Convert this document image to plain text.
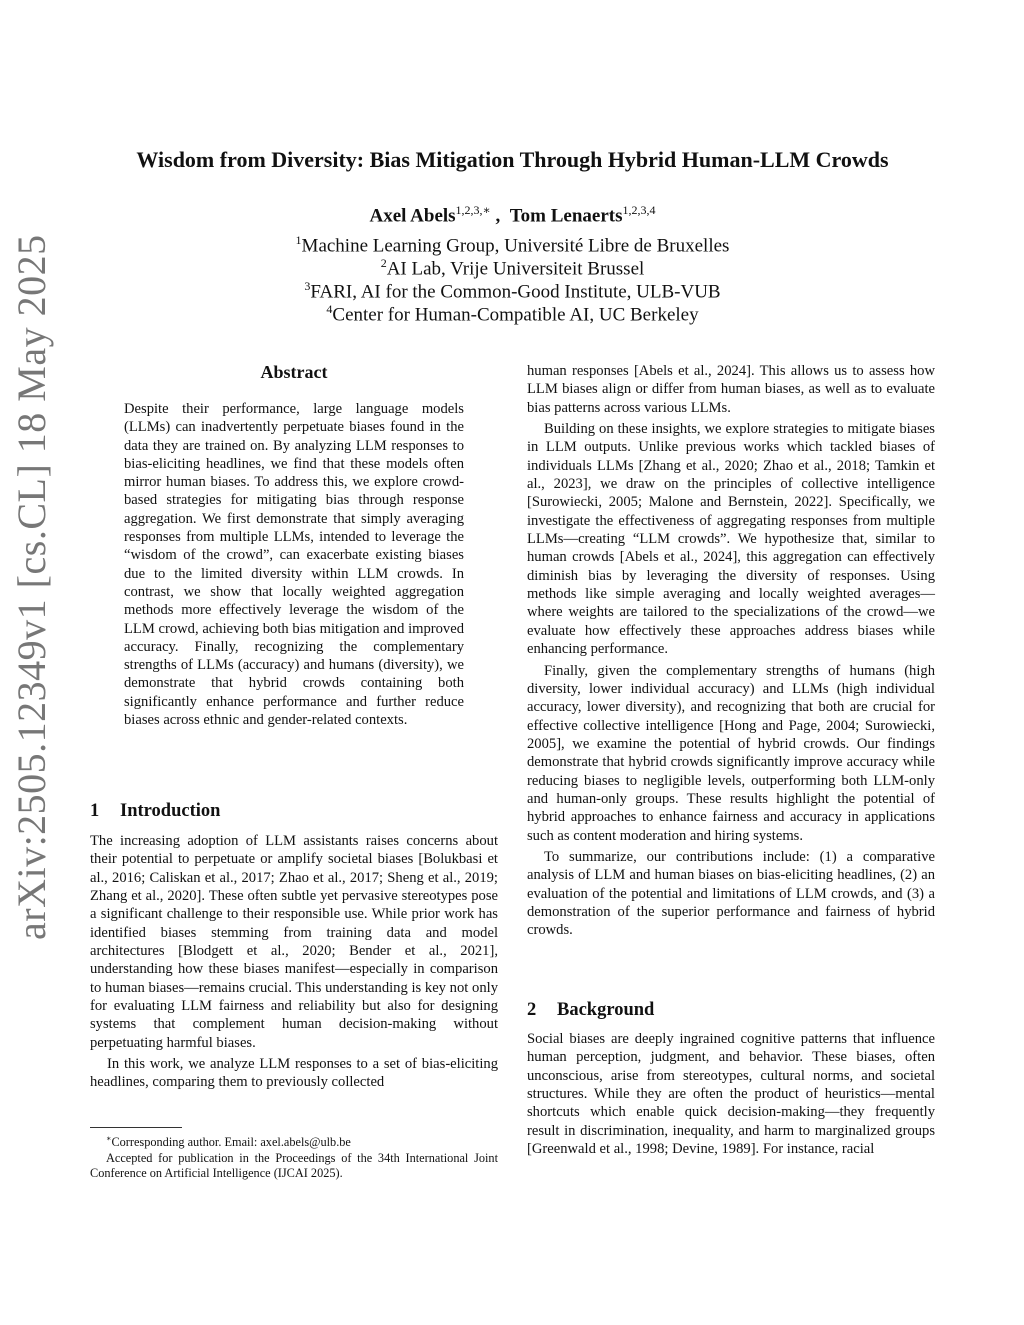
arXiv:2505.12349v1 [cs.CL] 18 May 2025
Wisdom from Diversity: Bias Mitigation Through Hybrid Human-LLM Crowds
Axel Abels$^{1,2,3,∗}$ , Tom Lenaerts$^{1,2,3,4}$
$^1$Machine Learning Group, Université Libre de Bruxelles
$^2$AI Lab, Vrije Universiteit Brussel
$^3$FARI, AI for the Common-Good Institute, ULB-VUB
$^4$Center for Human-Compatible AI, UC Berkeley
Abstract
Despite their performance, large language models (LLMs) can inadvertently perpetuate biases found in the data they are trained on. By analyzing LLM responses to bias-eliciting headlines, we find that these models often mirror human biases. To address this, we explore crowd-based strategies for mitigating bias through response aggregation. We first demonstrate that simply averaging responses from multiple LLMs, intended to leverage the “wisdom of the crowd”, can exacerbate existing biases due to the limited diversity within LLM crowds. In contrast, we show that locally weighted aggregation methods more effectively leverage the wisdom of the LLM crowd, achieving both bias mitigation and improved accuracy. Finally, recognizing the complementary strengths of LLMs (accuracy) and humans (diversity), we demonstrate that hybrid crowds containing both significantly enhance performance and further reduce biases across ethnic and gender-related contexts.
1 Introduction

The increasing adoption of LLM assistants raises concerns about their potential to perpetuate or amplify societal biases [Bolukbasi et al., 2016; Caliskan et al., 2017; Zhao et al., 2017; Sheng et al., 2019; Zhang et al., 2020]. These often subtle yet pervasive stereotypes pose a significant challenge to their responsible use. While prior work has identified biases stemming from training data and model architectures [Blodgett et al., 2020; Bender et al., 2021], understanding how these biases manifest—especially in comparison to human biases—remains crucial. This understanding is key not only for evaluating LLM fairness and reliability but also for designing systems that complement human decision-making without perpetuating harmful biases.

In this work, we analyze LLM responses to a set of bias-eliciting headlines, comparing them to previously collected

∗Corresponding author. Email: axel.abels@ulb.be

Accepted for publication in the Proceedings of the 34th International Joint Conference on Artificial Intelligence (IJCAI 2025).

human responses [Abels et al., 2024]. This allows us to assess how LLM biases align or differ from human biases, as well as to evaluate bias patterns across various LLMs.

Building on these insights, we explore strategies to mitigate biases in LLM outputs. Unlike previous works which tackled biases of individuals LLMs [Zhang et al., 2020; Zhao et al., 2018; Tamkin et al., 2023], we draw on the principles of collective intelligence [Surowiecki, 2005; Malone and Bernstein, 2022]. Specifically, we investigate the effectiveness of aggregating responses from multiple LLMs—creating “LLM crowds”. We hypothesize that, similar to human crowds [Abels et al., 2024], this aggregation can effectively diminish bias by leveraging the diversity of responses. Using methods like simple averaging and locally weighted averages—where weights are tailored to the specializations of the crowd—we evaluate how effectively these approaches address biases while enhancing performance.

Finally, given the complementary strengths of humans (high diversity, lower individual accuracy) and LLMs (high individual accuracy, lower diversity), and recognizing that both are crucial for effective collective intelligence [Hong and Page, 2004; Surowiecki, 2005], we examine the potential of hybrid crowds. Our findings demonstrate that hybrid crowds significantly improve accuracy while reducing biases to negligible levels, outperforming both LLM-only and human-only groups. These results highlight the potential of hybrid approaches to enhance fairness and accuracy in applications such as content moderation and hiring systems.

To summarize, our contributions include: (1) a comparative analysis of LLM and human biases on bias-eliciting headlines, (2) an evaluation of the potential and limitations of LLM crowds, and (3) a demonstration of the superior performance and fairness of hybrid crowds.

2 Background

Social biases are deeply ingrained cognitive patterns that influence human perception, judgment, and behavior. These biases, often unconscious, arise from stereotypes, cultural norms, and societal structures. While they are often the product of heuristics—mental shortcuts which enable quick decision-making—they frequently result in discrimination, inequality, and harm to marginalized groups [Greenwald et al., 1998; Devine, 1989]. For instance, racial
